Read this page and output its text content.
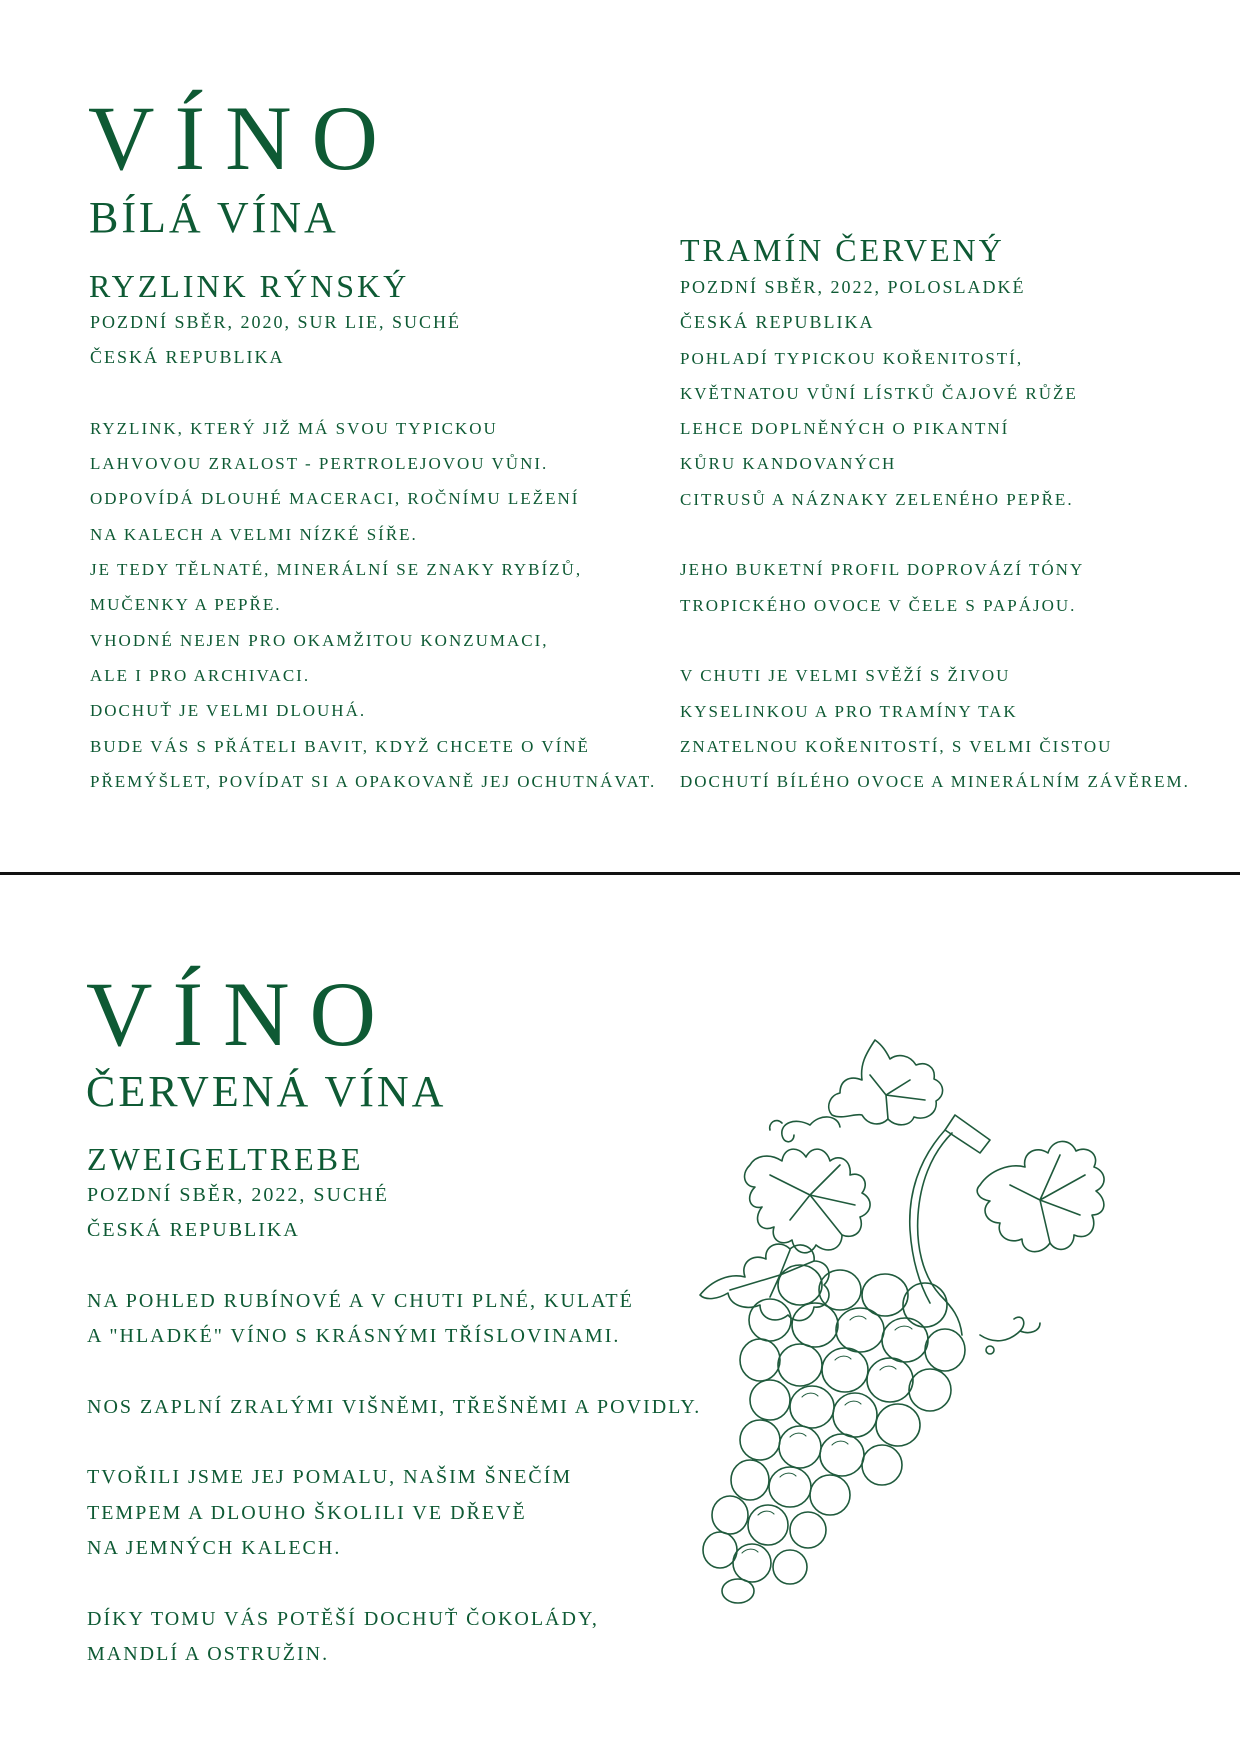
VÍNO
BÍLÁ VÍNA
RYZLINK RÝNSKÝ
POZDNÍ SBĚR, 2020, SUR LIE, SUCHÉ
ČESKÁ REPUBLIKA
RYZLINK, KTERÝ JIŽ MÁ SVOU TYPICKOU
LAHVOVOU ZRALOST - PERTROLEJOVOU VŮNI.
ODPOVÍDÁ DLOUHÉ MACERACI, ROČNÍMU LEŽENÍ
NA KALECH A VELMI NÍZKÉ SÍŘE.
JE TEDY TĚLNATÉ, MINERÁLNÍ SE ZNAKY RYBÍZŮ,
MUČENKY A PEPŘE.
VHODNÉ NEJEN PRO OKAMŽITOU KONZUMACI,
ALE I PRO ARCHIVACI.
DOCHUŤ JE VELMI DLOUHÁ.
BUDE VÁS S PŘÁTELI BAVIT, KDYŽ CHCETE O VÍNĚ
PŘEMÝŠLET, POVÍDAT SI A OPAKOVANĚ JEJ OCHUTNÁVAT.
TRAMÍN ČERVENÝ
POZDNÍ SBĚR, 2022, POLOSLADKÉ
ČESKÁ REPUBLIKA
POHLADÍ TYPICKOU KOŘENITOSTÍ,
KVĚTNATOU VŮNÍ LÍSTKŮ ČAJOVÉ RŮŽE
LEHCE DOPLNĚNÝCH O PIKANTNÍ
KŮRU KANDOVANÝCH
CITRUSŮ A NÁZNAKY ZELENÉHO PEPŘE.
JEHO BUKETNÍ PROFIL DOPROVÁZÍ TÓNY
TROPICKÉHO OVOCE V ČELE S PAPÁJOU.
V CHUTI JE VELMI SVĚŽÍ S ŽIVOU
KYSELINKOU A PRO TRAMÍNY TAK
ZNATELNOU KOŘENITOSTÍ, S VELMI ČISTOU
DOCHUTÍ BÍLÉHO OVOCE A MINERÁLNÍM ZÁVĚREM.
VÍNO
ČERVENÁ VÍNA
ZWEIGELTREBE
POZDNÍ SBĚR, 2022, SUCHÉ
ČESKÁ REPUBLIKA
NA POHLED RUBÍNOVÉ A V CHUTI PLNÉ, KULATÉ
A "HLADKÉ" VÍNO S KRÁSNÝMI TŘÍSLOVINAMI.
NOS ZAPLNÍ ZRALÝMI VIŠNĚMI, TŘEŠNĚMI A POVIDLY.
TVOŘILI JSME JEJ POMALU, NAŠIM ŠNEČÍM
TEMPEM A DLOUHO ŠKOLILI VE DŘEVĚ
NA JEMNÝCH KALECH.
DÍKY TOMU VÁS POTĚŠÍ DOCHUŤ ČOKOLÁDY,
MANDLÍ A OSTRUŽIN.
